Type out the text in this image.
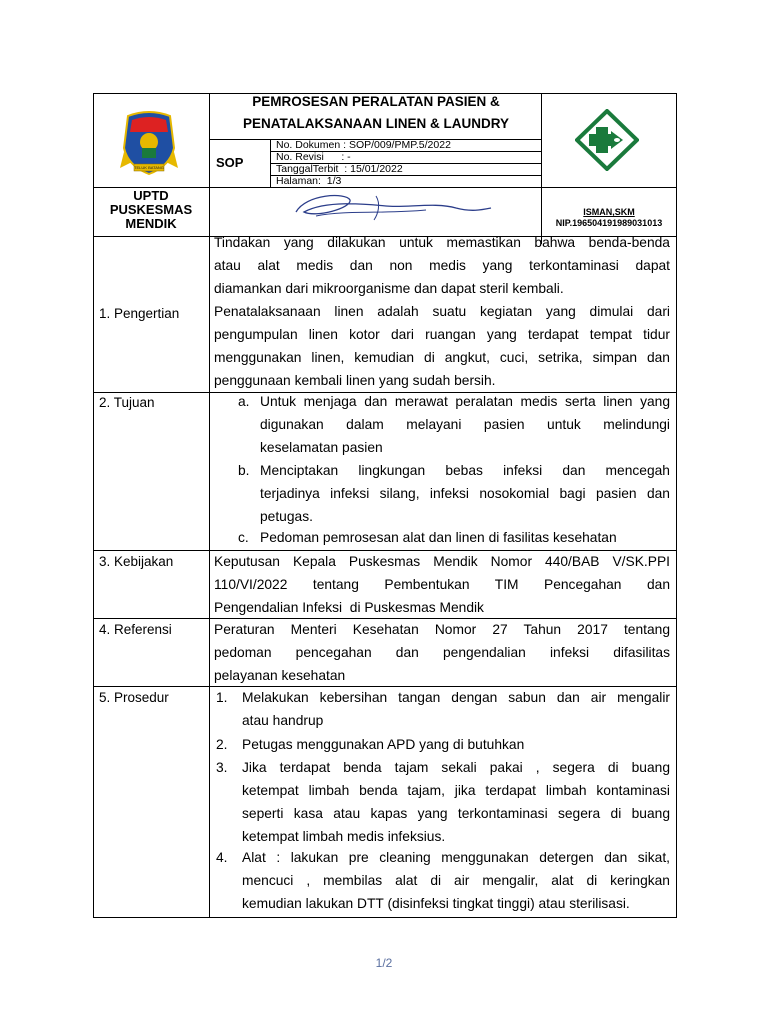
TELUK BATANG
PEMROSESAN PERALATAN PASIEN &
PENATALAKSANAAN LINEN & LAUNDRY
SOP
No. Dokumen : SOP/009/PMP.5/2022
No. Revisi      : -
TanggalTerbit  : 15/01/2022
Halaman:  1/3
UPTD
PUSKESMAS
MENDIK
ISMAN,SKM
NIP.196504191989031013
1. Pengertian
Tindakan yang dilakukan untuk memastikan bahwa benda-benda
atau alat medis dan non medis yang terkontaminasi dapat
diamankan dari mikroorganisme dan dapat steril kembali.
Penatalaksanaan linen adalah suatu kegiatan yang dimulai dari
pengumpulan linen kotor dari ruangan yang terdapat tempat tidur
menggunakan linen, kemudian di angkut, cuci, setrika, simpan dan
penggunaan kembali linen yang sudah bersih.
2. Tujuan	a. Untuk menjaga dan merawat peralatan medis serta linen yang
digunakan dalam melayani pasien untuk melindungi
keselamatan pasien
b. Menciptakan lingkungan bebas infeksi dan mencegah
terjadinya infeksi silang, infeksi nosokomial bagi pasien dan
petugas.
c. Pedoman pemrosesan alat dan linen di fasilitas kesehatan
3. Kebijakan	Keputusan Kepala Puskesmas Mendik Nomor 440/BAB V/SK.PPI
110/VI/2022 tentang Pembentukan TIM Pencegahan dan
Pengendalian Infeksi  di Puskesmas Mendik
4. Referensi	Peraturan Menteri Kesehatan Nomor 27 Tahun 2017 tentang
pedoman pencegahan dan pengendalian infeksi difasilitas
pelayanan kesehatan
5. Prosedur	1. Melakukan kebersihan tangan dengan sabun dan air mengalir
atau handrup
2. Petugas menggunakan APD yang di butuhkan
3. Jika terdapat benda tajam sekali pakai , segera di buang
ketempat limbah benda tajam, jika terdapat limbah kontaminasi
seperti kasa atau kapas yang terkontaminasi segera di buang
ketempat limbah medis infeksius.
4. Alat : lakukan pre cleaning menggunakan detergen dan sikat,
mencuci , membilas alat di air mengalir, alat di keringkan
kemudian lakukan DTT (disinfeksi tingkat tinggi) atau sterilisasi.
1/2
